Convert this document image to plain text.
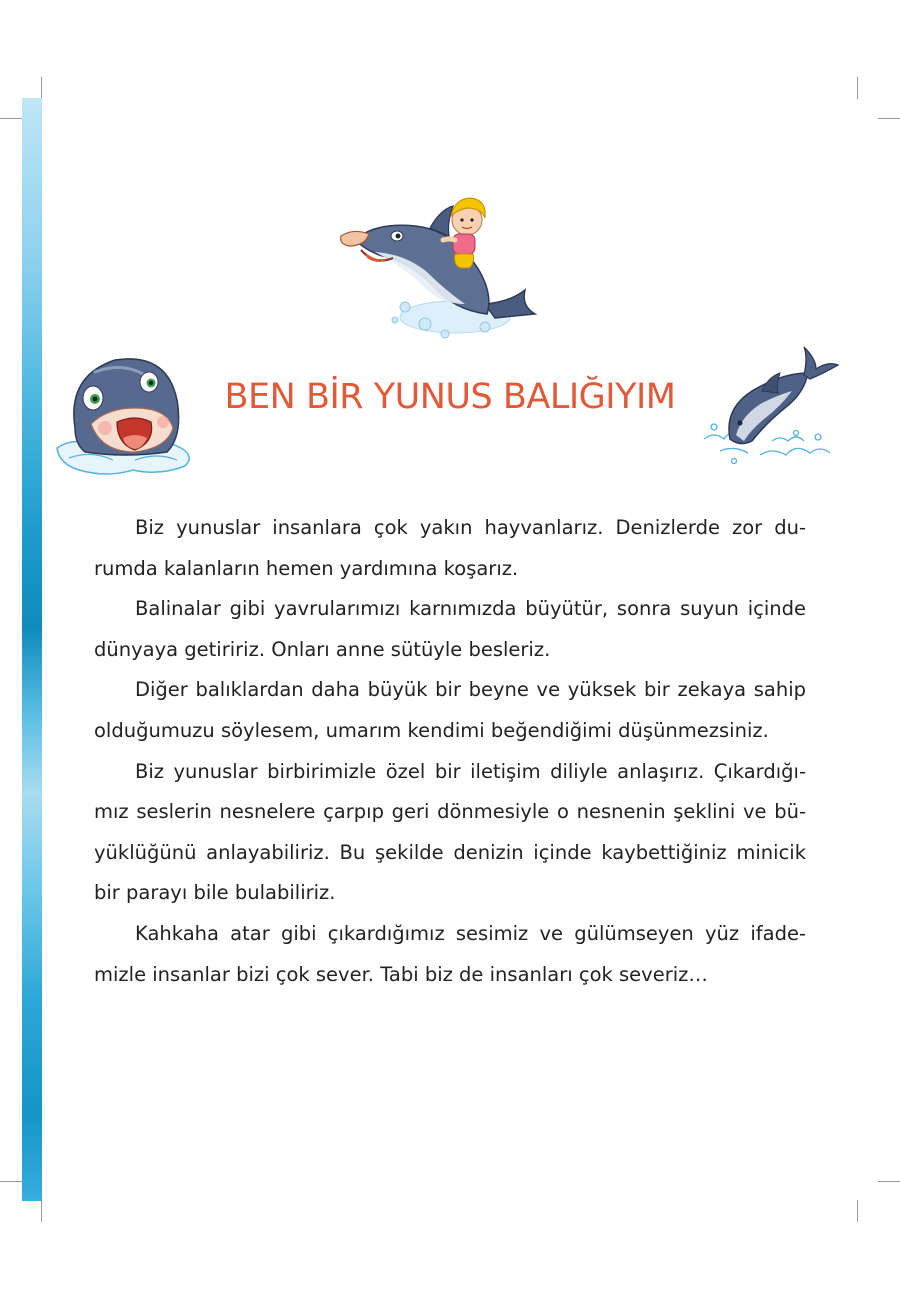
BEN BİR YUNUS BALIĞIYIM

Biz yunuslar insanlara çok yakın hayvanlarız. Denizlerde zor du-rumda kalanların hemen yardımına koşarız.

Balinalar gibi yavrularımızı karnımızda büyütür, sonra suyun içinde dünyaya getiririz. Onları anne sütüyle besleriz.

Diğer balıklardan daha büyük bir beyne ve yüksek bir zekaya sahip olduğumuzu söylesem, umarım kendimi beğendiğimi düşünmezsiniz.

Biz yunuslar birbirimizle özel bir iletişim diliyle anlaşırız. Çıkardığı-mız seslerin nesnelere çarpıp geri dönmesiyle o nesnenin şeklini ve bü-yüklüğünü anlayabiliriz. Bu şekilde denizin içinde kaybettiğiniz minicik bir parayı bile bulabiliriz.

Kahkaha atar gibi çıkardığımız sesimiz ve gülümseyen yüz ifade-mizle insanlar bizi çok sever. Tabi biz de insanları çok severiz…
